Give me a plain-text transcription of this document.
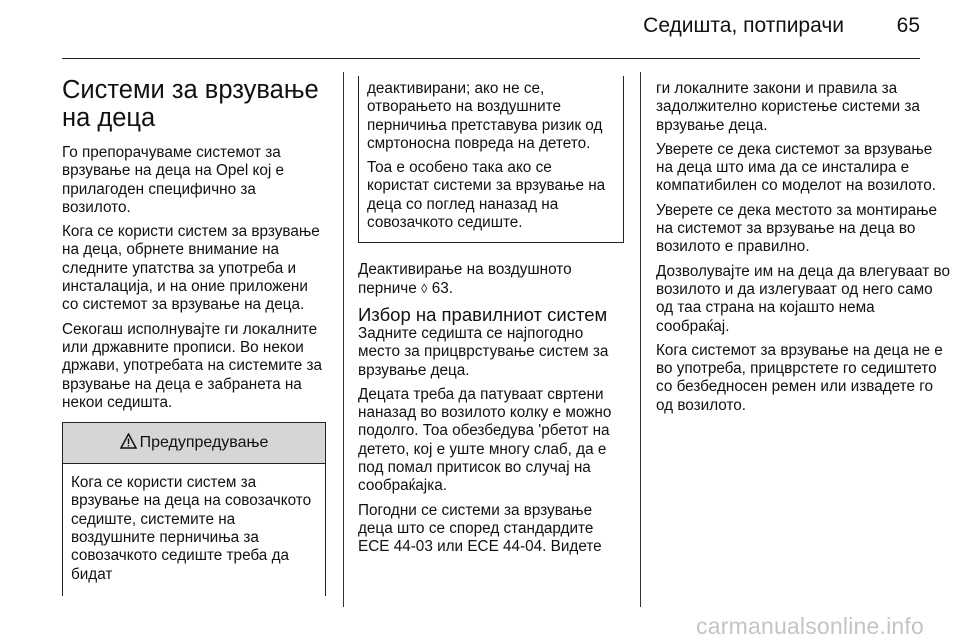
Седишта, потпирачи	65
Системи за врзување на деца

Го препорачуваме системот за врзување на деца на Opel кој е прилагоден специфично за возилото.

Кога се користи систем за врзување на деца, обрнете внимание на следните упатства за употреба и инсталација, и на оние приложени со системот за врзување на деца.

Секогаш исполнувајте ги локалните или државните прописи. Во некои држави, употребата на системите за врзување на деца е забранета на некои седишта.

Предупредување

Кога се користи систем за врзување на деца на совозачкото седиште, системите на воздушните перничиња за совозачкото седиште треба да бидат

деактивирани; ако не се, отворањето на воздушните перничиња претставува ризик од смртоносна повреда на детето.

Тоа е особено така ако се користат системи за врзување на деца со поглед наназад на совозачкото седиште.

Деактивирање на воздушното перниче ◊ 63.

Избор на правилниот систем

Задните седишта се најпогодно место за прицврстување систем за врзување деца.

Децата треба да патуваат свртени наназад во возилото колку е можно подолго. Тоа обезбедува 'рбетот на детето, кој е уште многу слаб, да е под помал притисок во случај на сообраќајка.

Погодни се системи за врзување деца што се според стандардите ECE 44-03 или ECE 44-04. Видете

ги локалните закони и правила за задолжително користење системи за врзување деца.

Уверете се дека системот за врзување на деца што има да се инсталира е компатибилен со моделот на возилото.

Уверете се дека местото за монтирање на системот за врзување на деца во возилото е правилно.

Дозволувајте им на деца да влегуваат во возилото и да излегуваат од него само од таа страна на којашто нема сообраќај.

Кога системот за врзување на деца не е во употреба, прицврстете го седиштето со безбедносен ремен или извадете го од возилото.

carmanualsonline.info
